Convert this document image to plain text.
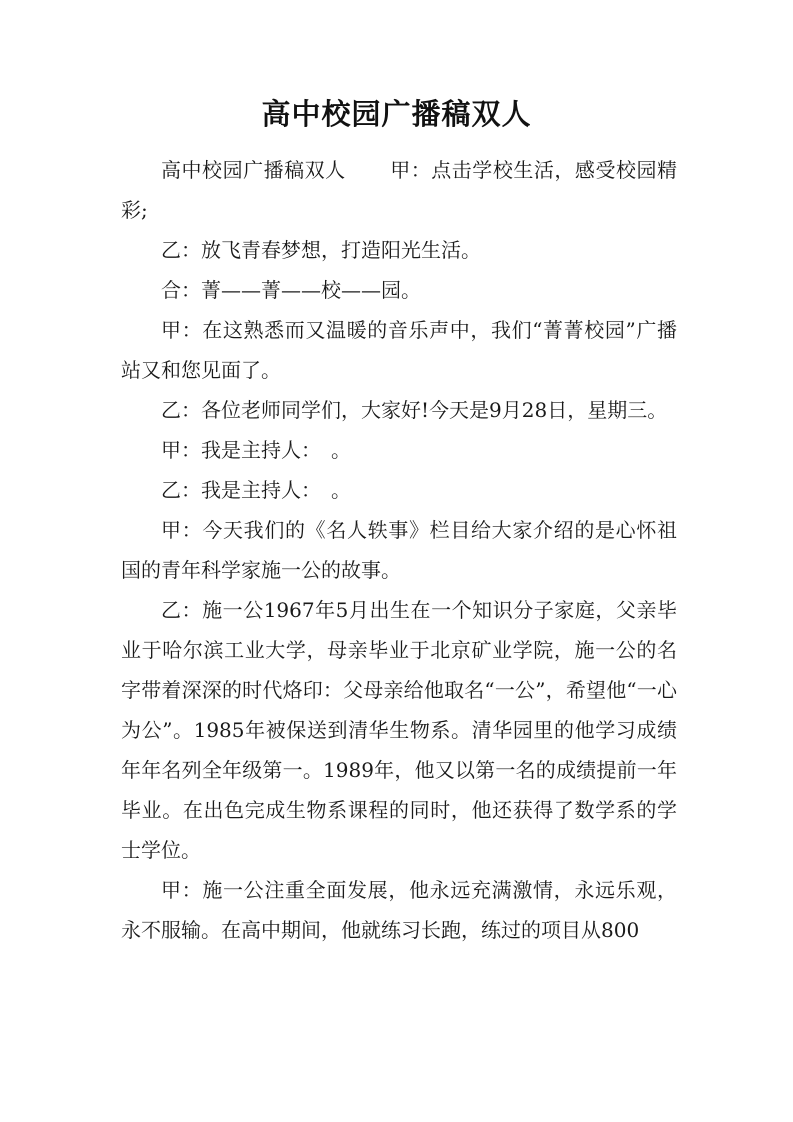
高中校园广播稿双人

高中校园广播稿双人 甲：点击学校生活，感受校园精彩;

乙：放飞青春梦想，打造阳光生活。

合：菁——菁——校——园。

甲：在这熟悉而又温暖的音乐声中，我们“菁菁校园”广播站又和您见面了。

乙：各位老师同学们，大家好!今天是9月28日，星期三。

甲：我是主持人：　。

乙：我是主持人：　。

甲：今天我们的《名人轶事》栏目给大家介绍的是心怀祖国的青年科学家施一公的故事。

乙：施一公1967年5月出生在一个知识分子家庭，父亲毕业于哈尔滨工业大学，母亲毕业于北京矿业学院，施一公的名字带着深深的时代烙印：父母亲给他取名“一公”，希望他“一心为公”。1985年被保送到清华生物系。清华园里的他学习成绩年年名列全年级第一。1989年，他又以第一名的成绩提前一年毕业。在出色完成生物系课程的同时，他还获得了数学系的学士学位。

甲：施一公注重全面发展，他永远充满激情，永远乐观，永不服输。在高中期间，他就练习长跑，练过的项目从800
